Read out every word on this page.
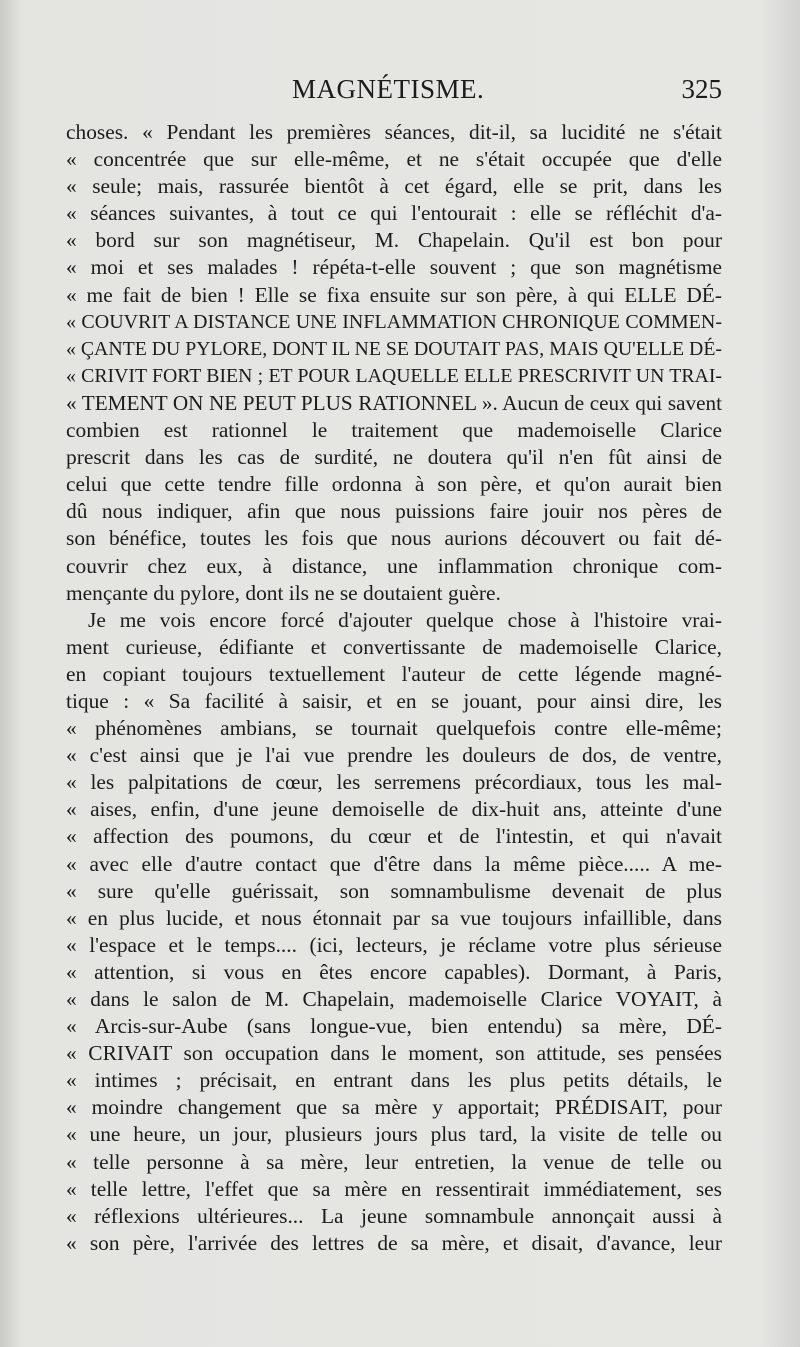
MAGNÉTISME.	325
choses. « Pendant les premières séances, dit-il, sa lucidité ne s'était
« concentrée que sur elle-même, et ne s'était occupée que d'elle
« seule; mais, rassurée bientôt à cet égard, elle se prit, dans les
« séances suivantes, à tout ce qui l'entourait : elle se réfléchit d'a-
« bord sur son magnétiseur, M. Chapelain. Qu'il est bon pour
« moi et ses malades ! répéta-t-elle souvent ; que son magnétisme
« me fait de bien ! Elle se fixa ensuite sur son père, à qui ELLE DÉ-
« COUVRIT A DISTANCE UNE INFLAMMATION CHRONIQUE COMMEN-
« ÇANTE DU PYLORE, DONT IL NE SE DOUTAIT PAS, MAIS QU'ELLE DÉ-
« CRIVIT FORT BIEN ; ET POUR LAQUELLE ELLE PRESCRIVIT UN TRAI-
« TEMENT ON NE PEUT PLUS RATIONNEL ». Aucun de ceux qui savent
combien est rationnel le traitement que mademoiselle Clarice
prescrit dans les cas de surdité, ne doutera qu'il n'en fût ainsi de
celui que cette tendre fille ordonna à son père, et qu'on aurait bien
dû nous indiquer, afin que nous puissions faire jouir nos pères de
son bénéfice, toutes les fois que nous aurions découvert ou fait dé-
couvrir chez eux, à distance, une inflammation chronique com-
mençante du pylore, dont ils ne se doutaient guère.
Je me vois encore forcé d'ajouter quelque chose à l'histoire vrai-
ment curieuse, édifiante et convertissante de mademoiselle Clarice,
en copiant toujours textuellement l'auteur de cette légende magné-
tique : « Sa facilité à saisir, et en se jouant, pour ainsi dire, les
« phénomènes ambians, se tournait quelquefois contre elle-même;
« c'est ainsi que je l'ai vue prendre les douleurs de dos, de ventre,
« les palpitations de cœur, les serremens précordiaux, tous les mal-
« aises, enfin, d'une jeune demoiselle de dix-huit ans, atteinte d'une
« affection des poumons, du cœur et de l'intestin, et qui n'avait
« avec elle d'autre contact que d'être dans la même pièce..... A me-
« sure qu'elle guérissait, son somnambulisme devenait de plus
« en plus lucide, et nous étonnait par sa vue toujours infaillible, dans
« l'espace et le temps.... (ici, lecteurs, je réclame votre plus sérieuse
« attention, si vous en êtes encore capables). Dormant, à Paris,
« dans le salon de M. Chapelain, mademoiselle Clarice VOYAIT, à
« Arcis-sur-Aube (sans longue-vue, bien entendu) sa mère, DÉ-
« CRIVAIT son occupation dans le moment, son attitude, ses pensées
« intimes ; précisait, en entrant dans les plus petits détails, le
« moindre changement que sa mère y apportait; PRÉDISAIT, pour
« une heure, un jour, plusieurs jours plus tard, la visite de telle ou
« telle personne à sa mère, leur entretien, la venue de telle ou
« telle lettre, l'effet que sa mère en ressentirait immédiatement, ses
« réflexions ultérieures... La jeune somnambule annonçait aussi à
« son père, l'arrivée des lettres de sa mère, et disait, d'avance, leur
